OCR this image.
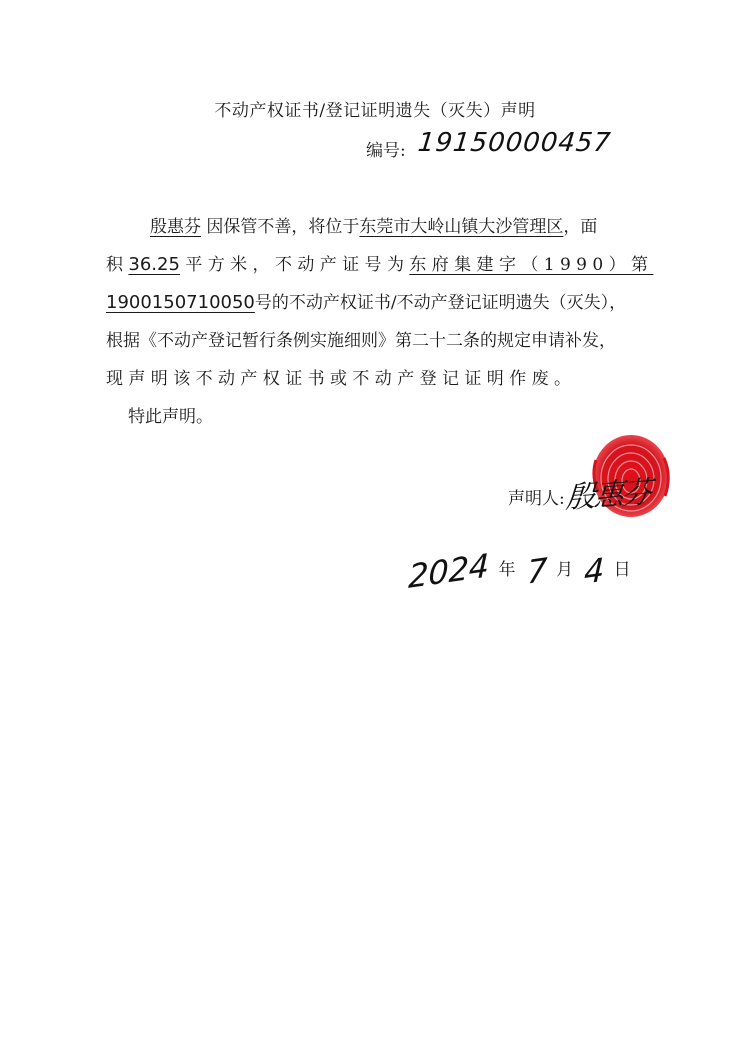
不动产权证书/登记证明遗失（灭失）声明
编号: 19150000457
殷惠芬 因保管不善，将位于东莞市大岭山镇大沙管理区，面
积 36.25 平方米，不动产证号为东府集建字（1990）第
1900150710050号的不动产权证书/不动产登记证明遗失（灭失），
根据《不动产登记暂行条例实施细则》第二十二条的规定申请补发，
现声明该不动产权证书或不动产登记证明作废。
特此声明。
声明人: 殷惠芬
2024 年 7 月 4 日
